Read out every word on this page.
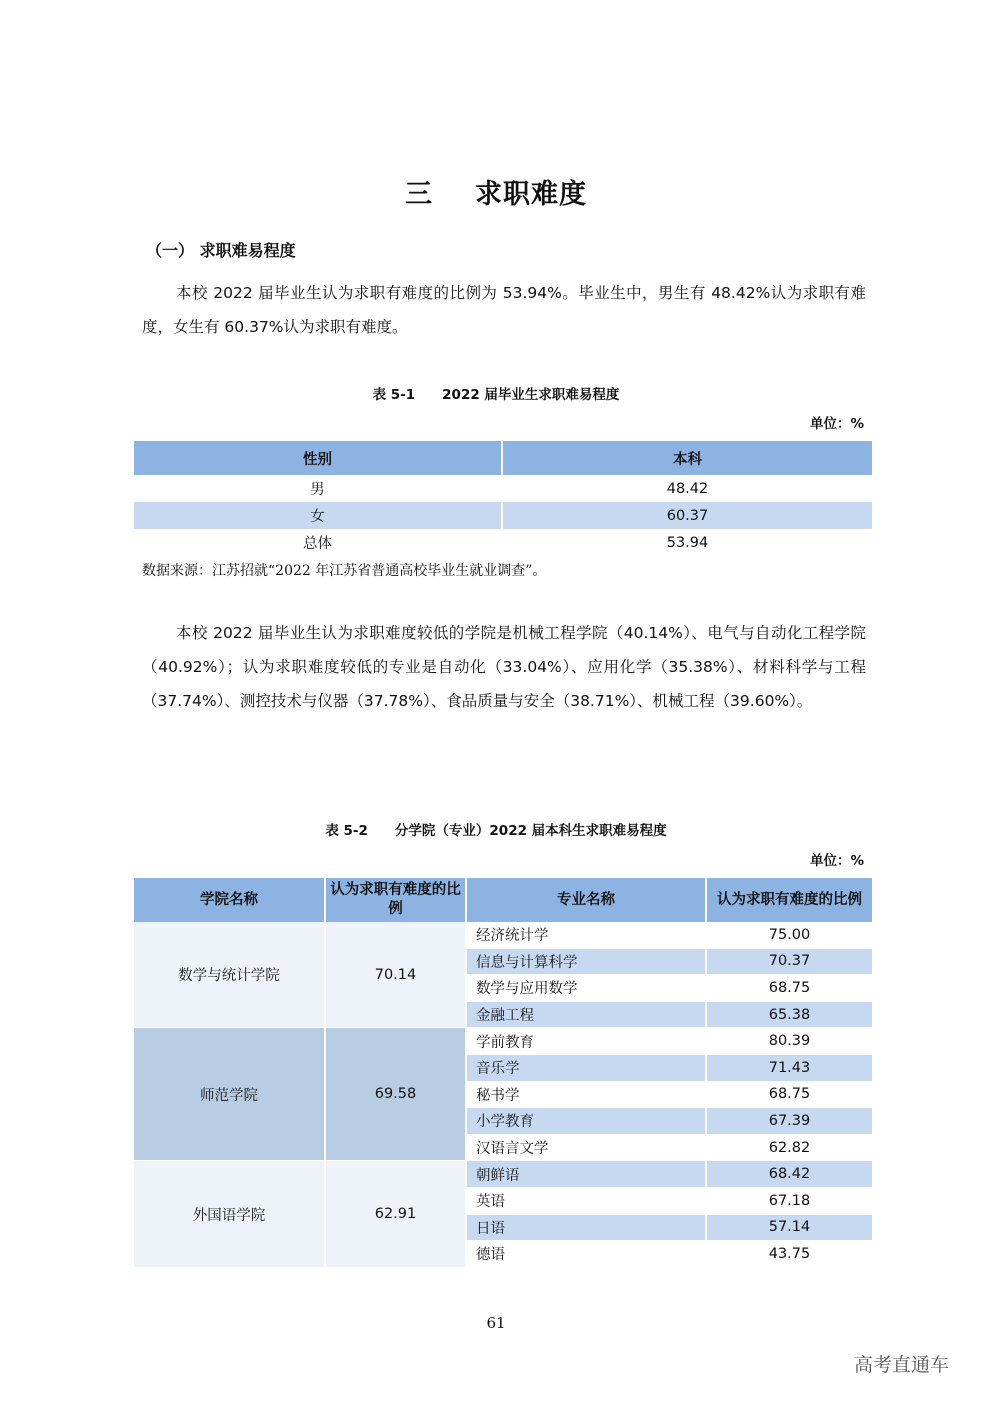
三 求职难度
（一） 求职难易程度

本校 2022 届毕业生认为求职有难度的比例为 53.94%。毕业生中，男生有 48.42%认为求职有难度，女生有 60.37%认为求职有难度。

表 5-1　　2022 届毕业生求职难易程度
单位：%
性别	本科
男	48.42
女	60.37
总体	53.94
数据来源：江苏招就“2022 年江苏省普通高校毕业生就业调查”。

本校 2022 届毕业生认为求职难度较低的学院是机械工程学院（40.14%）、电气与自动化工程学院（40.92%）；认为求职难度较低的专业是自动化（33.04%）、应用化学（35.38%）、材料科学与工程（37.74%）、测控技术与仪器（37.78%）、食品质量与安全（38.71%）、机械工程（39.60%）。

表 5-2　　分学院（专业）2022 届本科生求职难易程度
单位：%
学院名称	认为求职有难度的比例	专业名称	认为求职有难度的比例
数学与统计学院	70.14	经济统计学	75.00
		信息与计算科学	70.37
		数学与应用数学	68.75
		金融工程	65.38
师范学院	69.58	学前教育	80.39
		音乐学	71.43
		秘书学	68.75
		小学教育	67.39
		汉语言文学	62.82
外国语学院	62.91	朝鲜语	68.42
		英语	67.18
		日语	57.14
		德语	43.75
61
高考直通车
